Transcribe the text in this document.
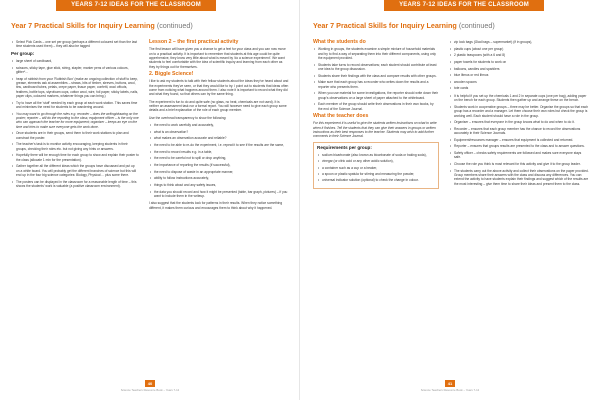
YEARS 7-12 IDEAS FOR THE CLASSROOM
Year 7 Practical Skills for Inquiry Learning (continued)
• Select Pick Cards – one set per group (perhaps a different coloured set than the last time students used them) – they will also be tagged

Per group:

• large sheet of cardboard,
• scissors, sticky tape, glue stick, string, stapler, marker pens of various colours, glitter*...
• heap of rubbish from your 'Rubbish Box' (make an ongoing collection of stuff to keep, grease, elements ask at assemblies – straws, bits of timber, sleeves, buttons, wool, tins, cardboard tubes, petals, crepe paper, tissue paper, confetti, wool offcuts, feathers, bottle tops, styrofoam cups, cotton wool, wire, foil paper, sticky labels, nails, paper clips, coloured markers, whatever things you can bring.)
• Try to have all the 'stuff' needed by each group at each work station. This saves time and minimises the need for students to be wandering around.
• You may want to go through the roles e.g. recorder – does the writing/drawing on the poster; reporter – will do the reporting to the class; equipment officer – is the only one who can approach the teacher for more equipment; organiser – keeps an eye on the time and tries to make sure everyone gets the work done.
• Once students are in their groups, send them to their work stations to plan and construct the poster.
• The teacher's task is to monitor activity encouraging, keeping students in their groups, checking their roles etc. but not giving any hints or answers.
• Hopefully there will be enough time for each group to show and explain their poster to the class (allocate 1 min for the presentation).
• Gather together all the different ideas which the groups have discussed and put up on a white board. You will probably get the different branches of science but this will end up in the four big science categories: Biology, Physical ... plus some there.
• The posters can be displayed in the classroom for a reasonable length of time – this shows the students' work is valuable (a positive classroom environment).

Lesson 2 – the first practical activity

The first lesson will have given you a chance to get a feel for your class and you can now move on to a practical activity. It is important to remember that students at this age could be quite apprehensive, they know very little about what is meant by 'do a science experiment'. We want students to feel comfortable with the idea of scientific inquiry and learning from each other as they try things out for themselves.

2. Biggle Science!

I like to ask my students to talk with their fellow students about the ideas they've heard about and the experiments they've seen, or that they would like to try. I point out to students that ideas often come from noticing what happens around them. I also note it is important to record what they did and what they found, so that others can try the same thing.

The experiment is fun to do and quite safe (no glass, no heat, chemicals are not used). It is neither an assessment task nor a formal report. You will however need to give each group some details and a brief explanation of the role of each group member.

Use the overhead transparency to show the following:

• the need to work carefully and accurately,
• what is an observation?
• what makes an observation accurate and reliable?
• the need to be able to re-do the experiment, i.e. repeat it to see if the results are the same,
• the need to record results e.g. in a table,
• the need to be careful not to spill or drop anything,
• the importance of reporting the results (if successful),
• the need to dispose of waste in an appropriate manner,
• ability to follow instructions accurately,
• things to think about and any safety issues,
• the data you should record and how it might be presented (table, bar graph, pictures) – if you want to include them in the writeup.

I also suggest that the students look for patterns in their results. When they notice something different, it makes them curious and encourages them to think about why it happened.

40
Science Teachers Resource Book – Years 7-12
YEARS 7-12 IDEAS FOR THE CLASSROOM
Year 7 Practical Skills for Inquiry Learning (continued)

What the students do

• Working in groups, the students examine a simple mixture of household materials and try to find a way of separating them into their different components, using only the equipment provided.
• Students take turns to record observations; each student should contribute at least one idea to the group discussion.
• Students share their findings with the class and compare results with other groups.
• Make sure that each group has a recorder who writes down the results and a reporter who presents them.
• When you use material for some investigations, the reporter should write down their group's observations on a large sheet of paper attached to the whiteboard.
• Each member of the group should write their observations in their own books, by the end of the Science Journal.

What the teacher does

For this experiment it is useful to give the students written instructions on what to write when it finishes. Tell the students that they can give their answers in groups or written instructions as their best responses to the teacher. Students may wish to add further comments in their Science Journal.

Requirements per group:

• sodium bicarbonate (also known as bicarbonate of soda or baking soda),
• vinegar (or citric acid or any other acidic solution),
• a container such as a cup or a beaker,
• a spoon or plastic spatula for stirring and measuring the powder,
• universal indicator solution (optional) to check the change in colour.
• zip lock bags (Glad bags – supermarket) (if in groups),
• plastic cups (about one per group)
• 2 plastic teaspoons (with a 6 and 8)
• paper towels for students to work on
• balloons, candles and sparklers
• blue litmus or red litmus
• wooden spoons
• tote cards
• It is helpful if you set up the chemicals 1 and 2 in separate cups (one per bag), adding paper on the bench for each group. Students then gather up and arrange these on the bench.
• Students work in cooperative groups – three may be better. Organise the groups so that each group has a recorder and a manager. Let them choose their own roles but check the group is working well. Each student should have a role in the group.
• Organiser – ensures that everyone in the group knows what to do and when to do it.
• Recorder – ensures that each group member has the chance to record the observations accurately in their Science Journals.
• Equipment/resources manager – ensures that equipment is collected and returned.
• Reporter – ensures that groups results are presented to the class and to answer questions.
• Safety officer – checks safety requirements are followed and makes sure everyone stays safe.
• Choose the role you think is most relevant for this activity and give it to the group leader.
• The students carry out the above activity and collect their observations on the paper provided. Group members share their answers with the class and discuss any differences. You can extend the activity to have students explain their findings and suggest which of the results are the most interesting – give them time to share their ideas and present them to the class.
41
Science Teachers Resource Book – Years 7-12
